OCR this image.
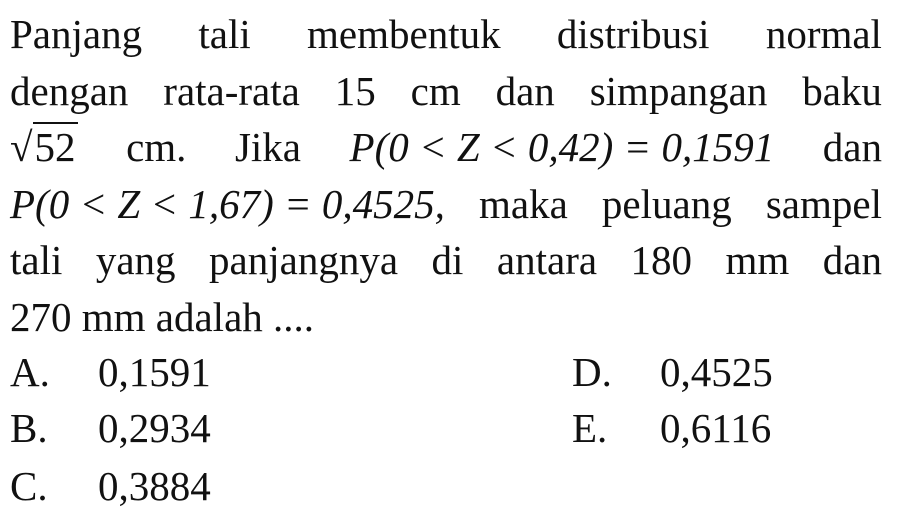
Panjang tali membentuk distribusi normal
dengan rata-rata 15 cm dan simpangan baku
√52 cm. Jika P(0 < Z < 0,42) = 0,1591 dan
P(0 < Z < 1,67) = 0,4525, maka peluang sampel
tali yang panjangnya di antara 180 mm dan
270 mm adalah ....
A. 0,1591
B. 0,2934
C. 0,3884
D. 0,4525
E. 0,6116
